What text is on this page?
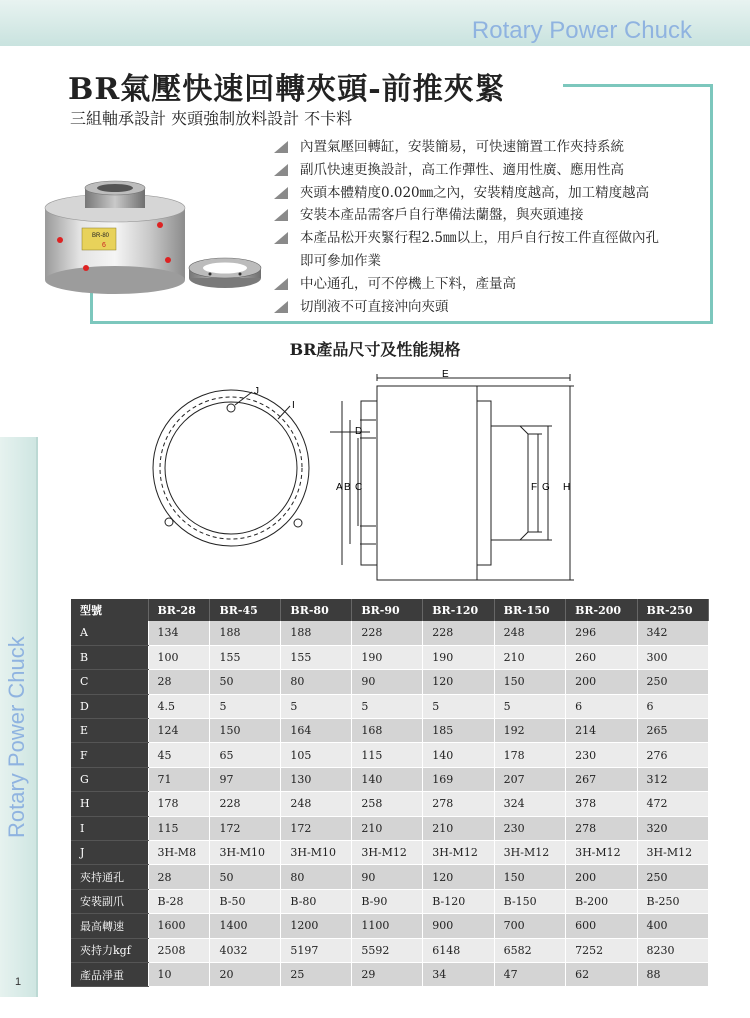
Rotary Power Chuck
Rotary Power Chuck
1
BR氣壓快速回轉夾頭-前推夾緊
三組軸承設計 夾頭強制放料設計 不卡料
內置氣壓回轉缸，安裝簡易，可快速簡置工作夾持系統
副爪快速更換設計，高工作彈性、適用性廣、應用性高
夾頭本體精度0.020㎜之內，安裝精度越高，加工精度越高
安裝本產品需客戶自行準備法蘭盤，與夾頭連接
本產品松开夾緊行程2.5㎜以上，用戶自行按工件直徑做內孔
即可參加作業
中心通孔，可不停機上下料，產量高
切削液不可直接沖向夾頭
BR-80
6
BR產品尺寸及性能規格
J
I
E
D
A B C	F G H
型號	BR-28	BR-45	BR-80	BR-90	BR-120	BR-150	BR-200	BR-250
A	134	188	188	228	228	248	296	342
B	100	155	155	190	190	210	260	300
C	28	50	80	90	120	150	200	250
D	4.5	5	5	5	5	5	6	6
E	124	150	164	168	185	192	214	265
F	45	65	105	115	140	178	230	276
G	71	97	130	140	169	207	267	312
H	178	228	248	258	278	324	378	472
I	115	172	172	210	210	230	278	320
J	3H-M8	3H-M10	3H-M10	3H-M12	3H-M12	3H-M12	3H-M12	3H-M12
夾持通孔	28	50	80	90	120	150	200	250
安裝副爪	B-28	B-50	B-80	B-90	B-120	B-150	B-200	B-250
最高轉速	1600	1400	1200	1100	900	700	600	400
夾持力kgf	2508	4032	5197	5592	6148	6582	7252	8230
產品淨重	10	20	25	29	34	47	62	88
